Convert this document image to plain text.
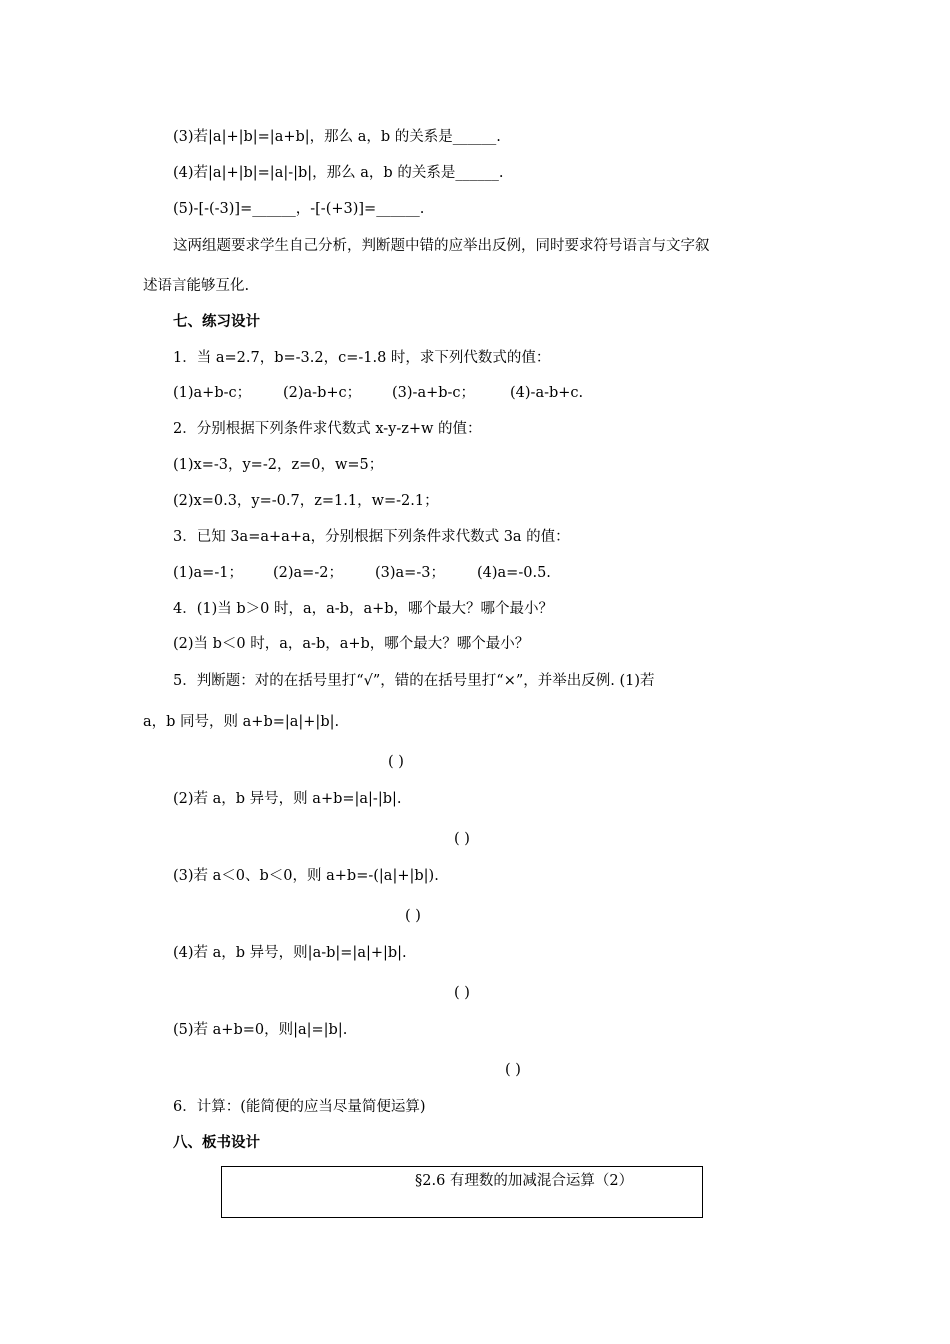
(3)若|a|+|b|=|a+b|，那么 a，b 的关系是______.
(4)若|a|+|b|=|a|-|b|，那么 a，b 的关系是______.
(5)-[-(-3)]=______，-[-(+3)]=______.
这两组题要求学生自己分析，判断题中错的应举出反例，同时要求符号语言与文字叙
述语言能够互化.
七、练习设计
1．当 a=2.7，b=-3.2，c=-1.8 时，求下列代数式的值：
(1)a+b-c； (2)a-b+c； (3)-a+b-c； (4)-a-b+c.
2．分别根据下列条件求代数式 x-y-z+w 的值：
(1)x=-3，y=-2，z=0，w=5；
(2)x=0.3，y=-0.7，z=1.1，w=-2.1；
3．已知 3a=a+a+a，分别根据下列条件求代数式 3a 的值：
(1)a=-1； (2)a=-2； (3)a=-3； (4)a=-0.5.
4．(1)当 b＞0 时，a，a-b，a+b，哪个最大？哪个最小？
(2)当 b＜0 时，a，a-b，a+b，哪个最大？哪个最小？
5．判断题：对的在括号里打“√”，错的在括号里打“×”，并举出反例. (1)若
a，b 同号，则 a+b=|a|+|b|.
( )
(2)若 a，b 异号，则 a+b=|a|-|b|.
( )
(3)若 a＜0、b＜0，则 a+b=-(|a|+|b|).
( )
(4)若 a，b 异号，则|a-b|=|a|+|b|.
( )
(5)若 a+b=0，则|a|=|b|.
( )
6．计算：(能简便的应当尽量简便运算)
八、板书设计
§2.6 有理数的加减混合运算（2）
